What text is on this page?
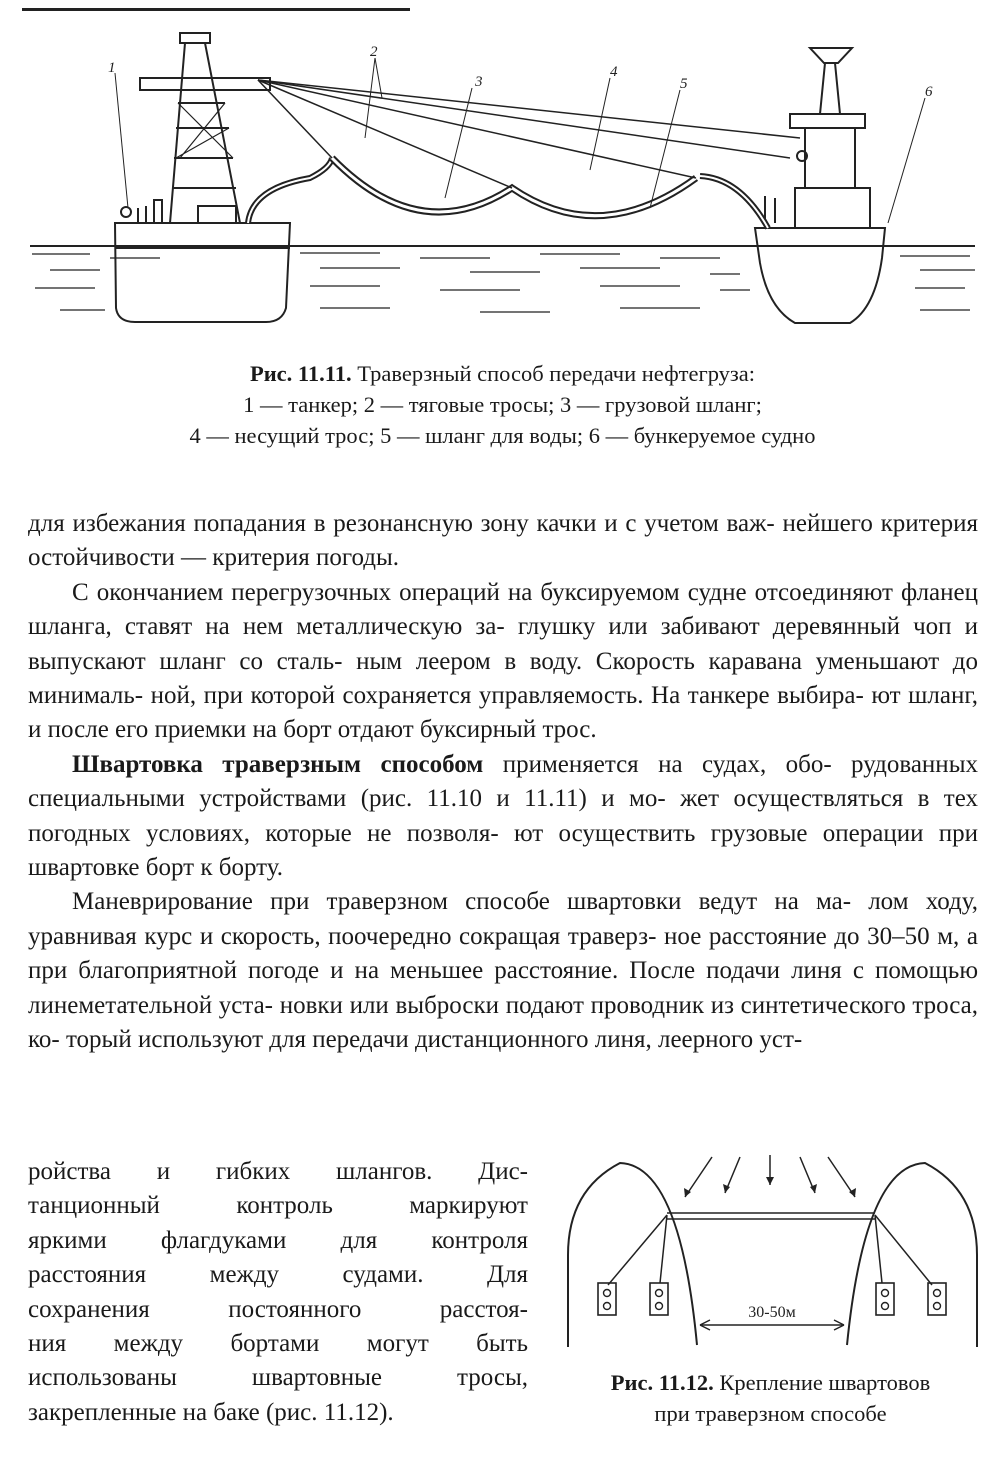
1
2
3
4
5	6
Рис. 11.11. Траверзный способ передачи нефтегруза:
1 — танкер; 2 — тяговые тросы; 3 — грузовой шланг;
4 — несущий трос; 5 — шланг для воды; 6 — бункеруемое судно

для избежания попадания в резонансную зону качки и с учетом важ- нейшего критерия остойчивости — критерия погоды.

С окончанием перегрузочных операций на буксируемом судне отсоединяют фланец шланга, ставят на нем металлическую за- глушку или забивают деревянный чоп и выпускают шланг со сталь- ным леером в воду. Скорость каравана уменьшают до минималь- ной, при которой сохраняется управляемость. На танкере выбира- ют шланг, и после его приемки на борт отдают буксирный трос.

Швартовка траверзным способом применяется на судах, обо- рудованных специальными устройствами (рис. 11.10 и 11.11) и мо- жет осуществляться в тех погодных условиях, которые не позволя- ют осуществить грузовые операции при швартовке борт к борту.

Маневрирование при траверзном способе швартовки ведут на ма- лом ходу, уравнивая курс и скорость, поочередно сокращая траверз- ное расстояние до 30–50 м, а при благоприятной погоде и на меньшее расстояние. После подачи линя с помощью линеметательной уста- новки или выброски подают проводник из синтетического троса, ко- торый используют для передачи дистанционного линя, леерного уст-

ройства и гибких шлангов. Дис-
танционный контроль маркируют
яркими флагдуками для контроля
расстояния между судами. Для
сохранения постоянного расстоя-
ния между бортами могут быть
использованы швартовные тросы,
закрепленные на баке (рис. 11.12).
30-50м
Рис. 11.12. Крепление швартовов
при траверзном способе
